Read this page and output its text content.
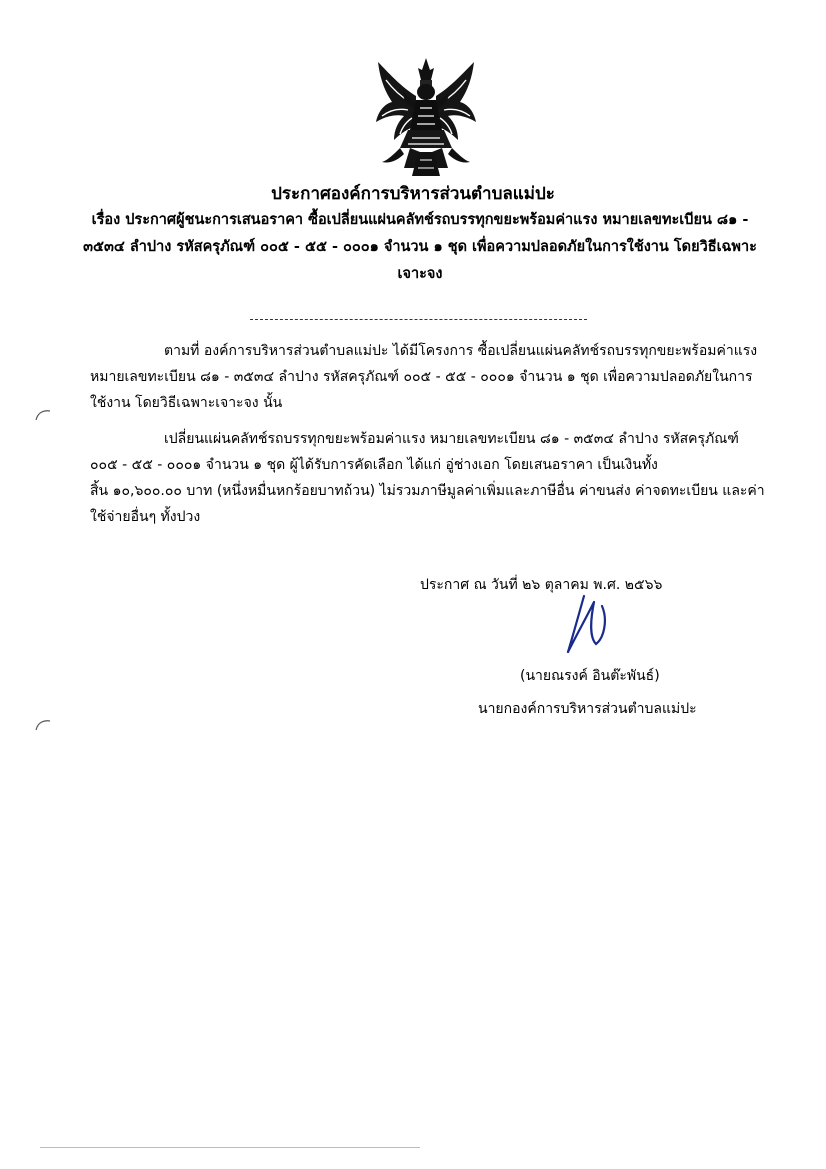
ประกาศองค์การบริหารส่วนตำบลแม่ปะ
เรื่อง ประกาศผู้ชนะการเสนอราคา ซื้อเปลี่ยนแผ่นคลัทช์รถบรรทุกขยะพร้อมค่าแรง หมายเลขทะเบียน ๘๑ -
๓๕๓๔ ลำปาง รหัสครุภัณฑ์ ๐๐๕ - ๕๕ - ๐๐๐๑ จำนวน ๑ ชุด เพื่อความปลอดภัยในการใช้งาน โดยวิธีเฉพาะ
เจาะจง
ตามที่ องค์การบริหารส่วนตำบลแม่ปะ ได้มีโครงการ ซื้อเปลี่ยนแผ่นคลัทช์รถบรรทุกขยะพร้อมค่าแรง
หมายเลขทะเบียน ๘๑ - ๓๕๓๔ ลำปาง รหัสครุภัณฑ์ ๐๐๕ - ๕๕ - ๐๐๐๑ จำนวน ๑ ชุด เพื่อความปลอดภัยในการ
ใช้งาน โดยวิธีเฉพาะเจาะจง นั้น
เปลี่ยนแผ่นคลัทช์รถบรรทุกขยะพร้อมค่าแรง หมายเลขทะเบียน ๘๑ - ๓๕๓๔ ลำปาง รหัสครุภัณฑ์
๐๐๕ - ๕๕ - ๐๐๐๑ จำนวน ๑ ชุด ผู้ได้รับการคัดเลือก ได้แก่ อู่ช่างเอก โดยเสนอราคา เป็นเงินทั้ง
สิ้น ๑๐,๖๐๐.๐๐ บาท (หนึ่งหมื่นหกร้อยบาทถ้วน) ไม่รวมภาษีมูลค่าเพิ่มและภาษีอื่น ค่าขนส่ง ค่าจดทะเบียน และค่า
ใช้จ่ายอื่นๆ ทั้งปวง
ประกาศ ณ วันที่ ๒๖ ตุลาคม พ.ศ. ๒๕๖๖
(นายณรงค์ อินต๊ะพันธ์)
นายกองค์การบริหารส่วนตำบลแม่ปะ
